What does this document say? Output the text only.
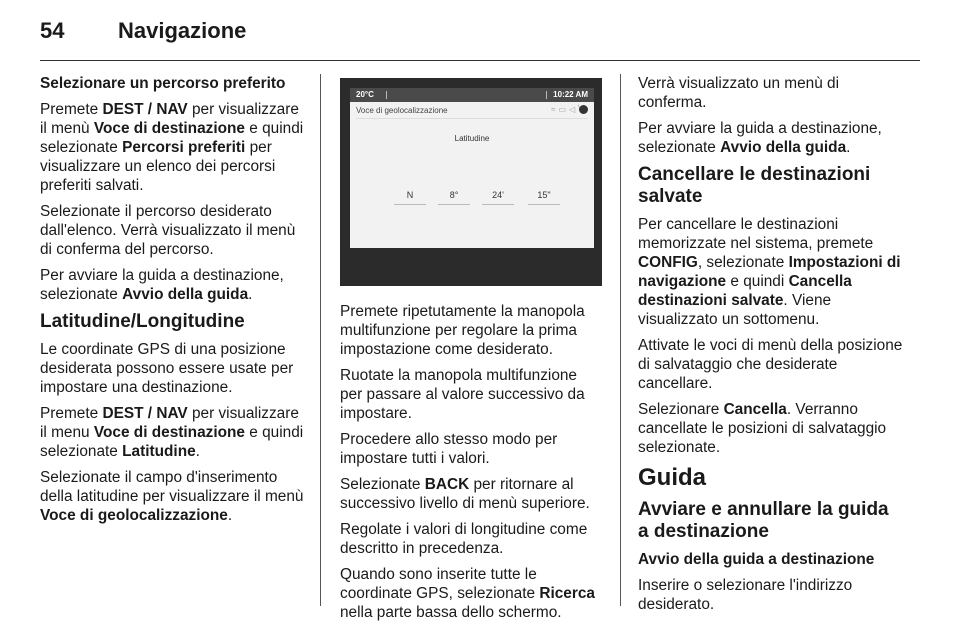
54 Navigazione

Selezionare un percorso preferito

Premete DEST / NAV per visualizzare il menù Voce di destinazione e quindi selezionate Percorsi preferiti per visualizzare un elenco dei percorsi preferiti salvati.

Selezionate il percorso desiderato dall'elenco. Verrà visualizzato il menù di conferma del percorso.

Per avviare la guida a destinazione, selezionate Avvio della guida.

Latitudine/Longitudine

Le coordinate GPS di una posizione desiderata possono essere usate per impostare una destinazione.

Premete DEST / NAV per visualizzare il menu Voce di destinazione e quindi selezionate Latitudine.

Selezionate il campo d'inserimento della latitudine per visualizzare il menù Voce di geolocalizzazione.

20°C	10:22 AM
Voce di geolocalizzazione	≈▭◁
Latitudine
N	8°	24'	15"

Premete ripetutamente la manopola multifunzione per regolare la prima impostazione come desiderato.

Ruotate la manopola multifunzione per passare al valore successivo da impostare.

Procedere allo stesso modo per impostare tutti i valori.

Selezionate BACK per ritornare al successivo livello di menù superiore.

Regolate i valori di longitudine come descritto in precedenza.

Quando sono inserite tutte le coordinate GPS, selezionate Ricerca nella parte bassa dello schermo.

Verrà visualizzato un menù di conferma.

Per avviare la guida a destinazione, selezionate Avvio della guida.

Cancellare le destinazioni salvate

Per cancellare le destinazioni memorizzate nel sistema, premete CONFIG, selezionate Impostazioni di navigazione e quindi Cancella destinazioni salvate. Viene visualizzato un sottomenu.

Attivate le voci di menù della posizione di salvataggio che desiderate cancellare.

Selezionare Cancella. Verranno cancellate le posizioni di salvataggio selezionate.

Guida

Avviare e annullare la guida a destinazione

Avvio della guida a destinazione

Inserire o selezionare l'indirizzo desiderato.
